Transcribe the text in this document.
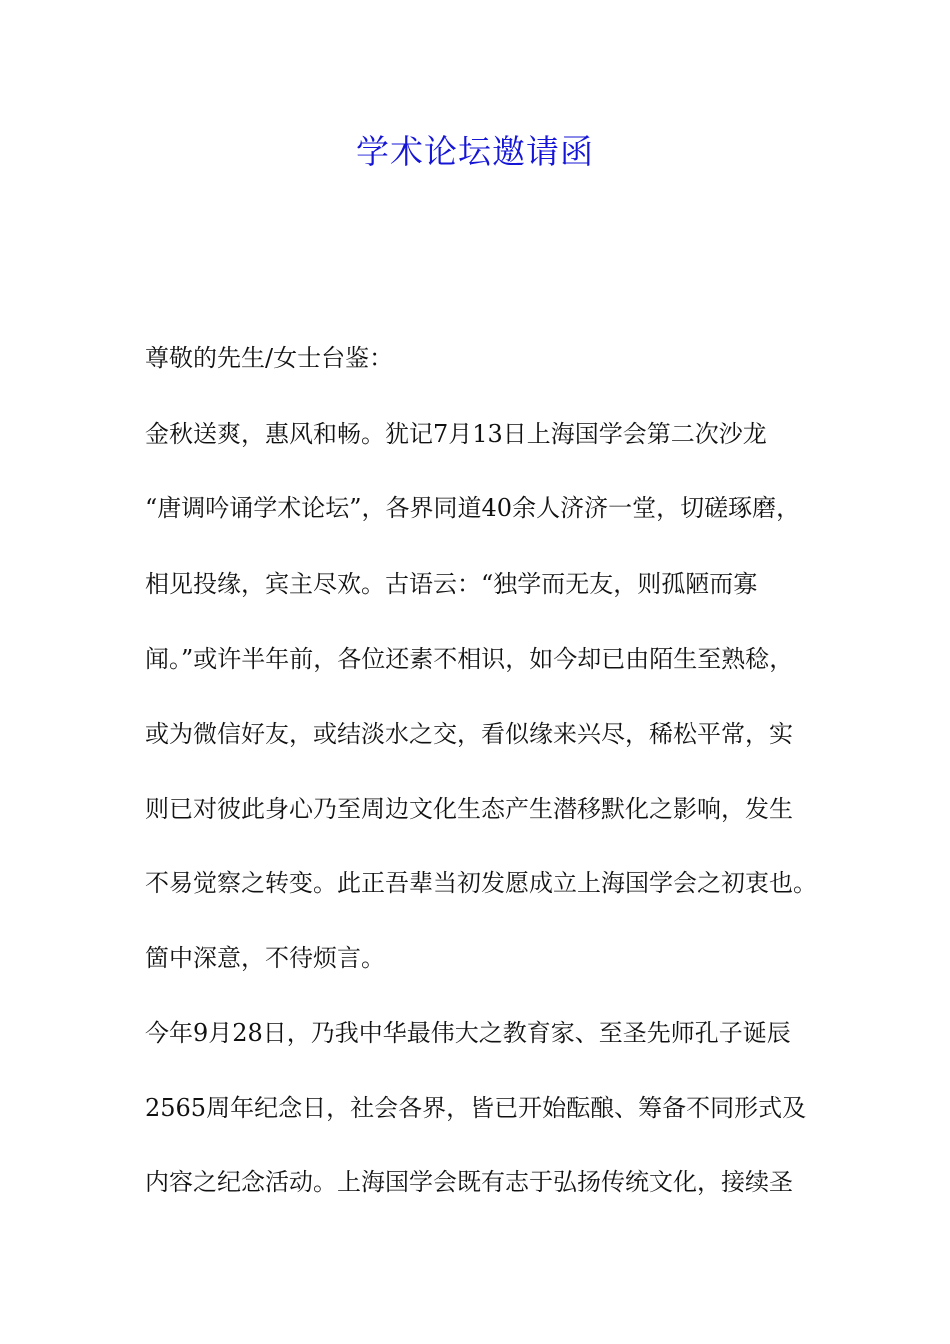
学术论坛邀请函

尊敬的先生/女士台鉴：

金秋送爽，惠风和畅。犹记7月13日上海国学会第二次沙龙

“唐调吟诵学术论坛”，各界同道40余人济济一堂，切磋琢磨，

相见投缘，宾主尽欢。古语云：“独学而无友，则孤陋而寡

闻。”或许半年前，各位还素不相识，如今却已由陌生至熟稔，

或为微信好友，或结淡水之交，看似缘来兴尽，稀松平常，实

则已对彼此身心乃至周边文化生态产生潜移默化之影响，发生

不易觉察之转变。此正吾辈当初发愿成立上海国学会之初衷也。

箇中深意，不待烦言。

今年9月28日，乃我中华最伟大之教育家、至圣先师孔子诞辰

2565周年纪念日，社会各界，皆已开始酝酿、筹备不同形式及

内容之纪念活动。上海国学会既有志于弘扬传统文化，接续圣
